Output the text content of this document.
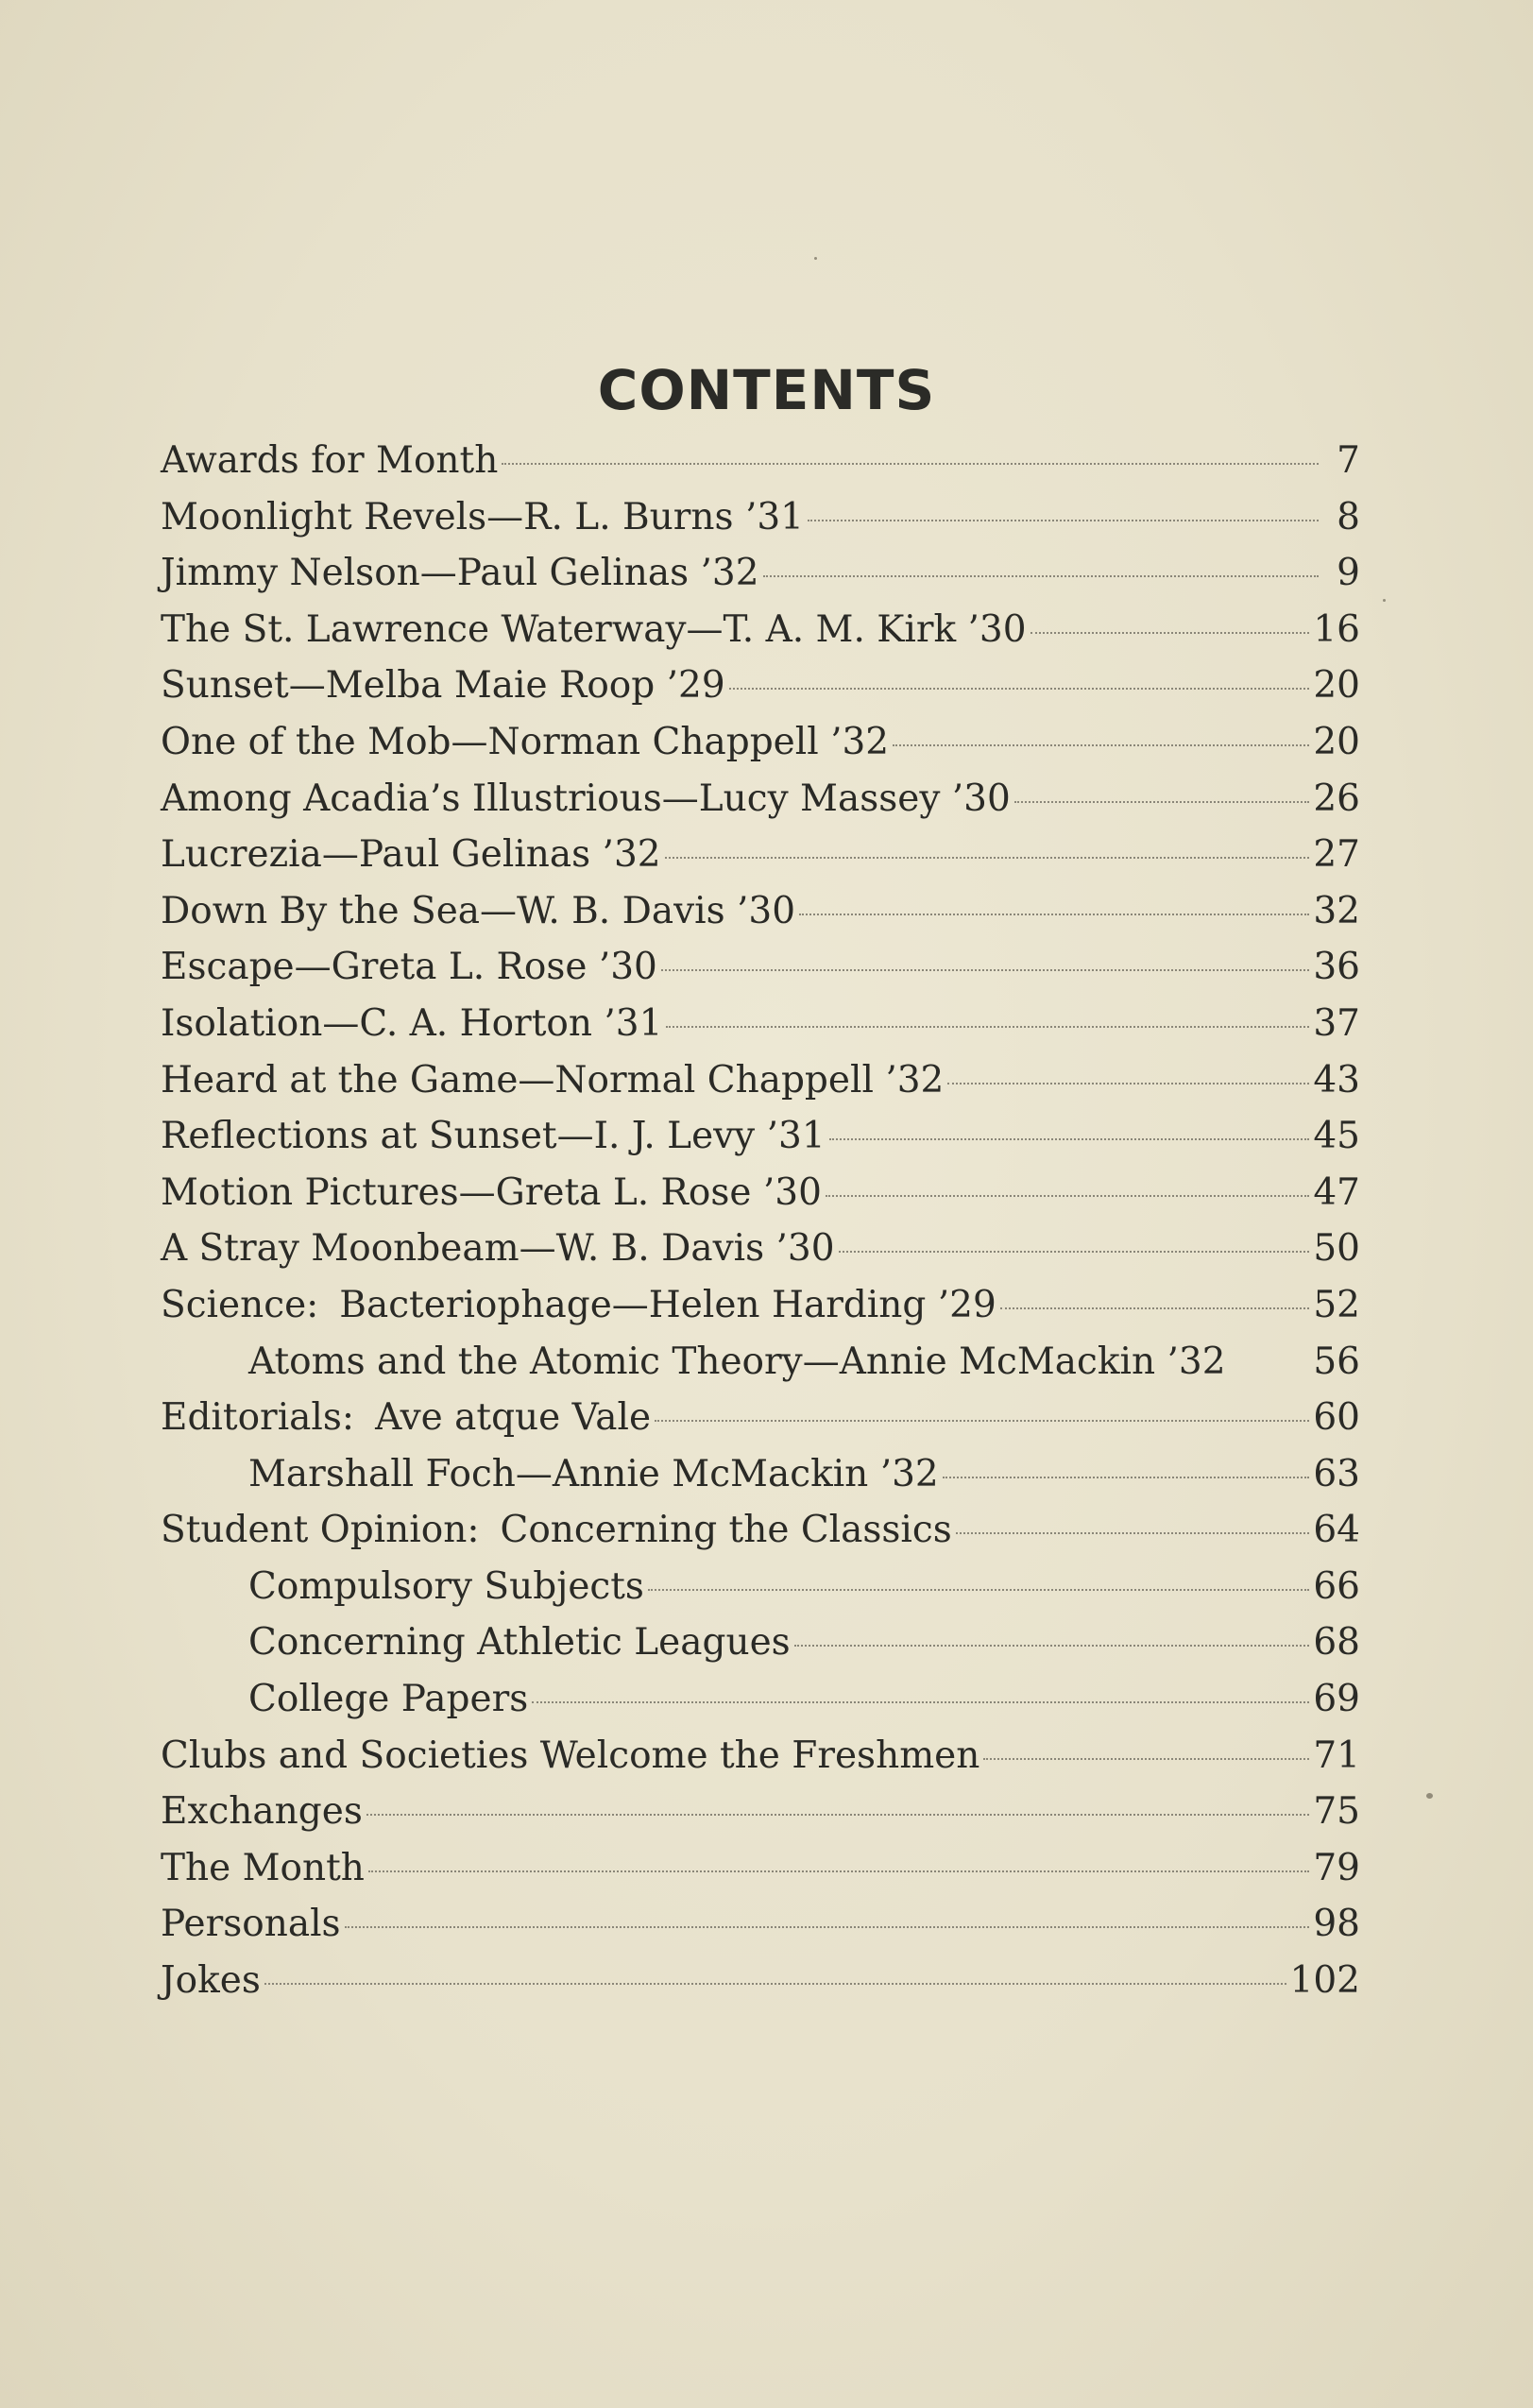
CONTENTS
Awards for Month	7
Moonlight Revels—R. L. Burns ’31	8
Jimmy Nelson—Paul Gelinas ’32	9
The St. Lawrence Waterway—T. A. M. Kirk ’30	16
Sunset—Melba Maie Roop ’29	20
One of the Mob—Norman Chappell ’32	20
Among Acadia’s Illustrious—Lucy Massey ’30	26
Lucrezia—Paul Gelinas ’32	27
Down By the Sea—W. B. Davis ’30	32
Escape—Greta L. Rose ’30	36
Isolation—C. A. Horton ’31	37
Heard at the Game—Normal Chappell ’32	43
Reflections at Sunset—I. J. Levy ’31	45
Motion Pictures—Greta L. Rose ’30	47
A Stray Moonbeam—W. B. Davis ’30	50
Science: Bacteriophage—Helen Harding ’29	52
Atoms and the Atomic Theory—Annie McMackin ’32 56
Editorials: Ave atque Vale	60
Marshall Foch—Annie McMackin ’32	63
Student Opinion: Concerning the Classics	64
Compulsory Subjects	66
Concerning Athletic Leagues	68
College Papers	69
Clubs and Societies Welcome the Freshmen	71
Exchanges	75
The Month	79
Personals	98
Jokes	102
